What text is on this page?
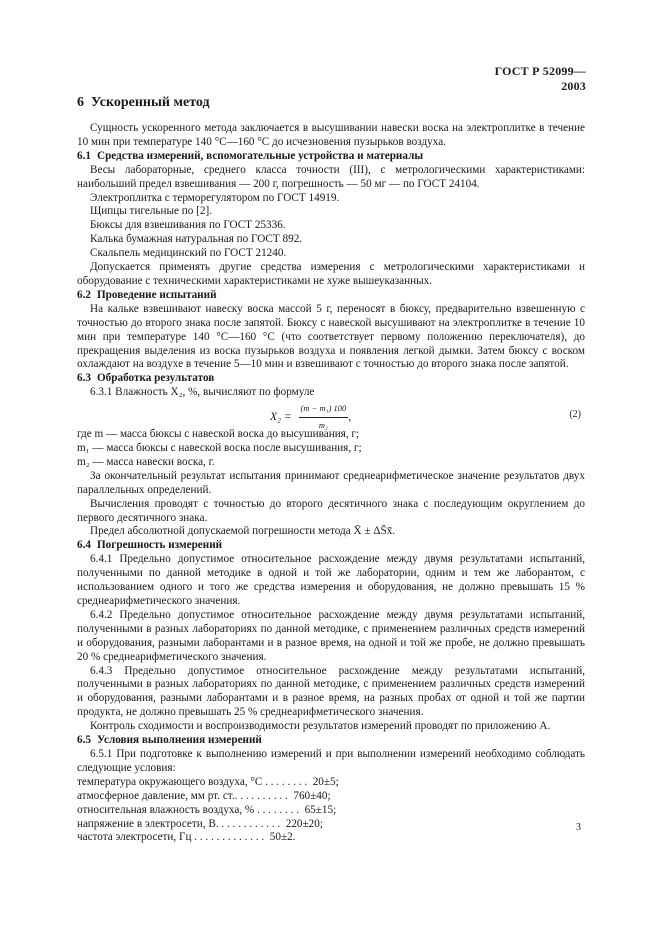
ГОСТ Р 52099—2003
6 Ускоренный метод

Сущность ускоренного метода заключается в высушивании навески воска на электроплитке в течение 10 мин при температуре 140 °С—160 °С до исчезновения пузырьков воздуха.

6.1 Средства измерений, вспомогательные устройства и материалы

Весы лабораторные, среднего класса точности (III), с метрологическими характеристиками: наибольший предел взвешивания — 200 г, погрешность — 50 мг — по ГОСТ 24104.

Электроплитка с терморегулятором по ГОСТ 14919.

Щипцы тигельные по [2].

Бюксы для взвешивания по ГОСТ 25336.

Калька бумажная натуральная по ГОСТ 892.

Скальпель медицинский по ГОСТ 21240.

Допускается применять другие средства измерения с метрологическими характеристиками и оборудование с техническими характеристиками не хуже вышеуказанных.

6.2 Проведение испытаний

На кальке взвешивают навеску воска массой 5 г, переносят в бюксу, предварительно взвешенную с точностью до второго знака после запятой. Бюксу с навеской высушивают на электроплитке в течение 10 мин при температуре 140 °С—160 °С (что соответствует первому положению переключателя), до прекращения выделения из воска пузырьков воздуха и появления легкой дымки. Затем бюксу с воском охлаждают на воздухе в течение 5—10 мин и взвешивают с точностью до второго знака после запятой.

6.3 Обработка результатов

6.3.1 Влажность X₂, %, вычисляют по формуле

$X_2 = \frac{\text{(m − m₁) 100}}{\text{m₂}}$ ,	(2)

где m — масса бюксы с навеской воска до высушивания, г;

m₁ — масса бюксы с навеской воска после высушивания, г;

m₂ — масса навески воска, г.

За окончательный результат испытания принимают среднеарифметическое значение результатов двух параллельных определений.

Вычисления проводят с точностью до второго десятичного знака с последующим округлением до первого десятичного знака.

Предел абсолютной допускаемой погрешности метода X̄ ± ΔS̄x̄.

6.4 Погрешность измерений

6.4.1 Предельно допустимое относительное расхождение между двумя результатами испытаний, полученными по данной методике в одной и той же лаборатории, одним и тем же лаборантом, с использованием одного и того же средства измерения и оборудования, не должно превышать 15 % среднеарифметического значения.

6.4.2 Предельно допустимое относительное расхождение между двумя результатами испытаний, полученными в разных лабораториях по данной методике, с применением различных средств измерений и оборудования, разными лаборантами и в разное время, на одной и той же пробе, не должно превышать 20 % среднеарифметического значения.

6.4.3 Предельно допустимое относительное расхождение между результатами испытаний, полученными в разных лабораториях по данной методике, с применением различных средств измерений и оборудования, разными лаборантами и в разное время, на разных пробах от одной и той же партии продукта, не должно превышать 25 % среднеарифметического значения.

Контроль сходимости и воспроизводимости результатов измерений проводят по приложению А.

6.5 Условия выполнения измерений

6.5.1 При подготовке к выполнению измерений и при выполнении измерений необходимо соблюдать следующие условия:

температура окружающего воздуха, °С . . . . . . . .  20±5;

атмосферное давление, мм рт. ст.. . . . . . . . . .  760±40;

относительная влажность воздуха, % . . . . . . . .  65±15;

напряжение в электросети, В. . . . . . . . . . . .  220±20;

частота электросети, Гц . . . . . . . . . . . . .  50±2.

3
